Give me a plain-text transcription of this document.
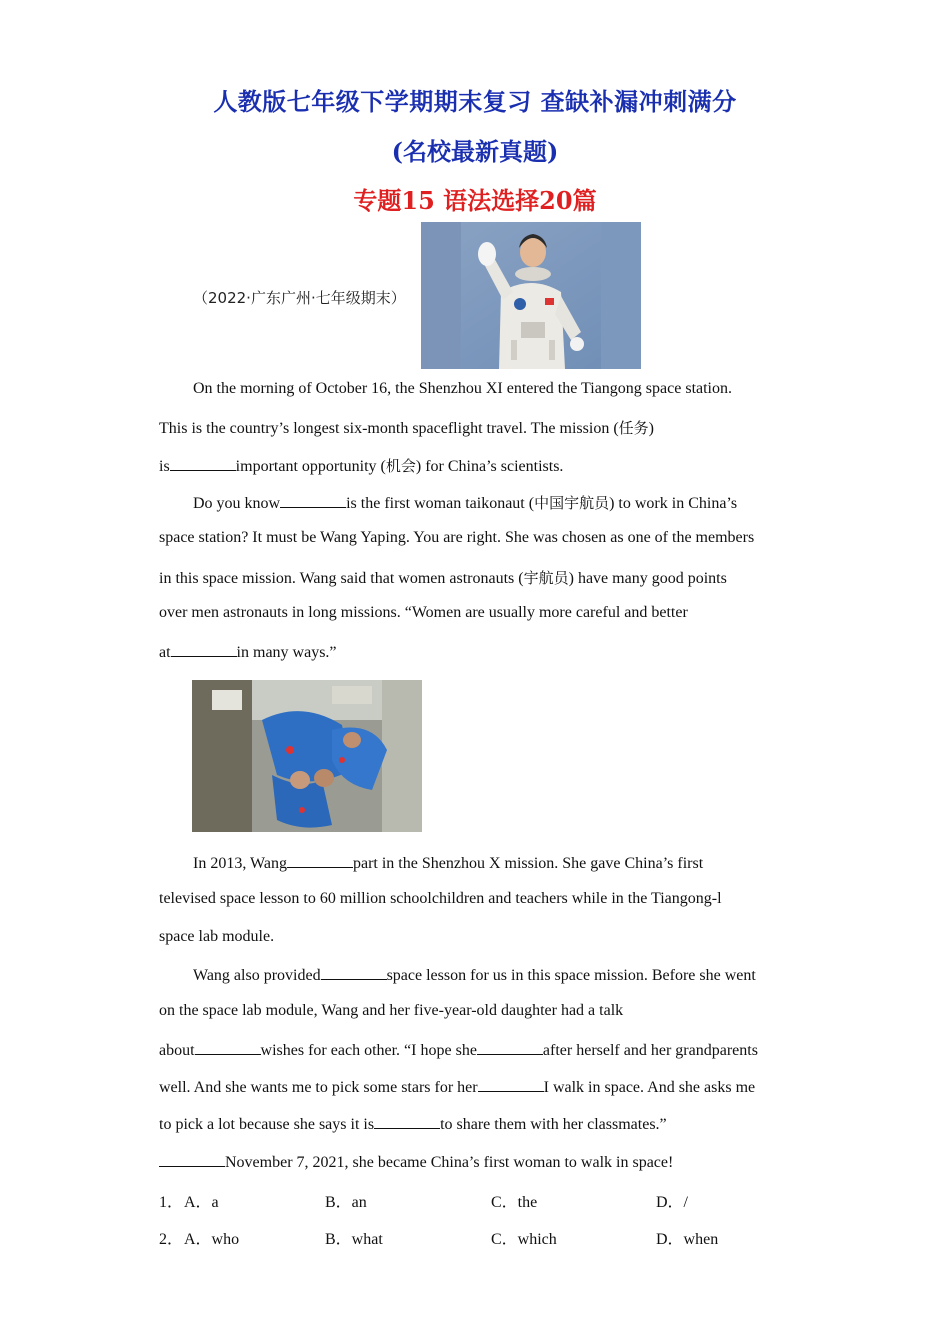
人教版七年级下学期期末复习 查缺补漏冲刺满分
(名校最新真题)
专题15 语法选择20篇
（2022·广东广州·七年级期末）
On the morning of October 16, the Shenzhou XI entered the Tiangong space station.
This is the country’s longest six-month spaceflight travel. The mission (任务)
is	important opportunity (机会) for China’s scientists.
Do you know	is the first woman taikonaut (中国宇航员) to work in China’s
space station? It must be Wang Yaping. You are right. She was chosen as one of the members
in this space mission. Wang said that women astronauts (宇航员) have many good points
over men astronauts in long missions. “Women are usually more careful and better
at	in many ways.”
In 2013, Wang	part in the Shenzhou X mission. She gave China’s first
televised space lesson to 60 million schoolchildren and teachers while in the Tiangong-l
space lab module.
Wang also provided	space lesson for us in this space mission. Before she went
on the space lab module, Wang and her five-year-old daughter had a talk
about	wishes for each other. “I hope she	after herself and her grandparents
well. And she wants me to pick some stars for her	I walk in space. And she asks me
to pick a lot because she says it is	to share them with her classmates.”
November 7, 2021, she became China’s first woman to walk in space!
1． A．a	B．an	C．the	D．/
2． A．who	B．what	C．which	D．when
